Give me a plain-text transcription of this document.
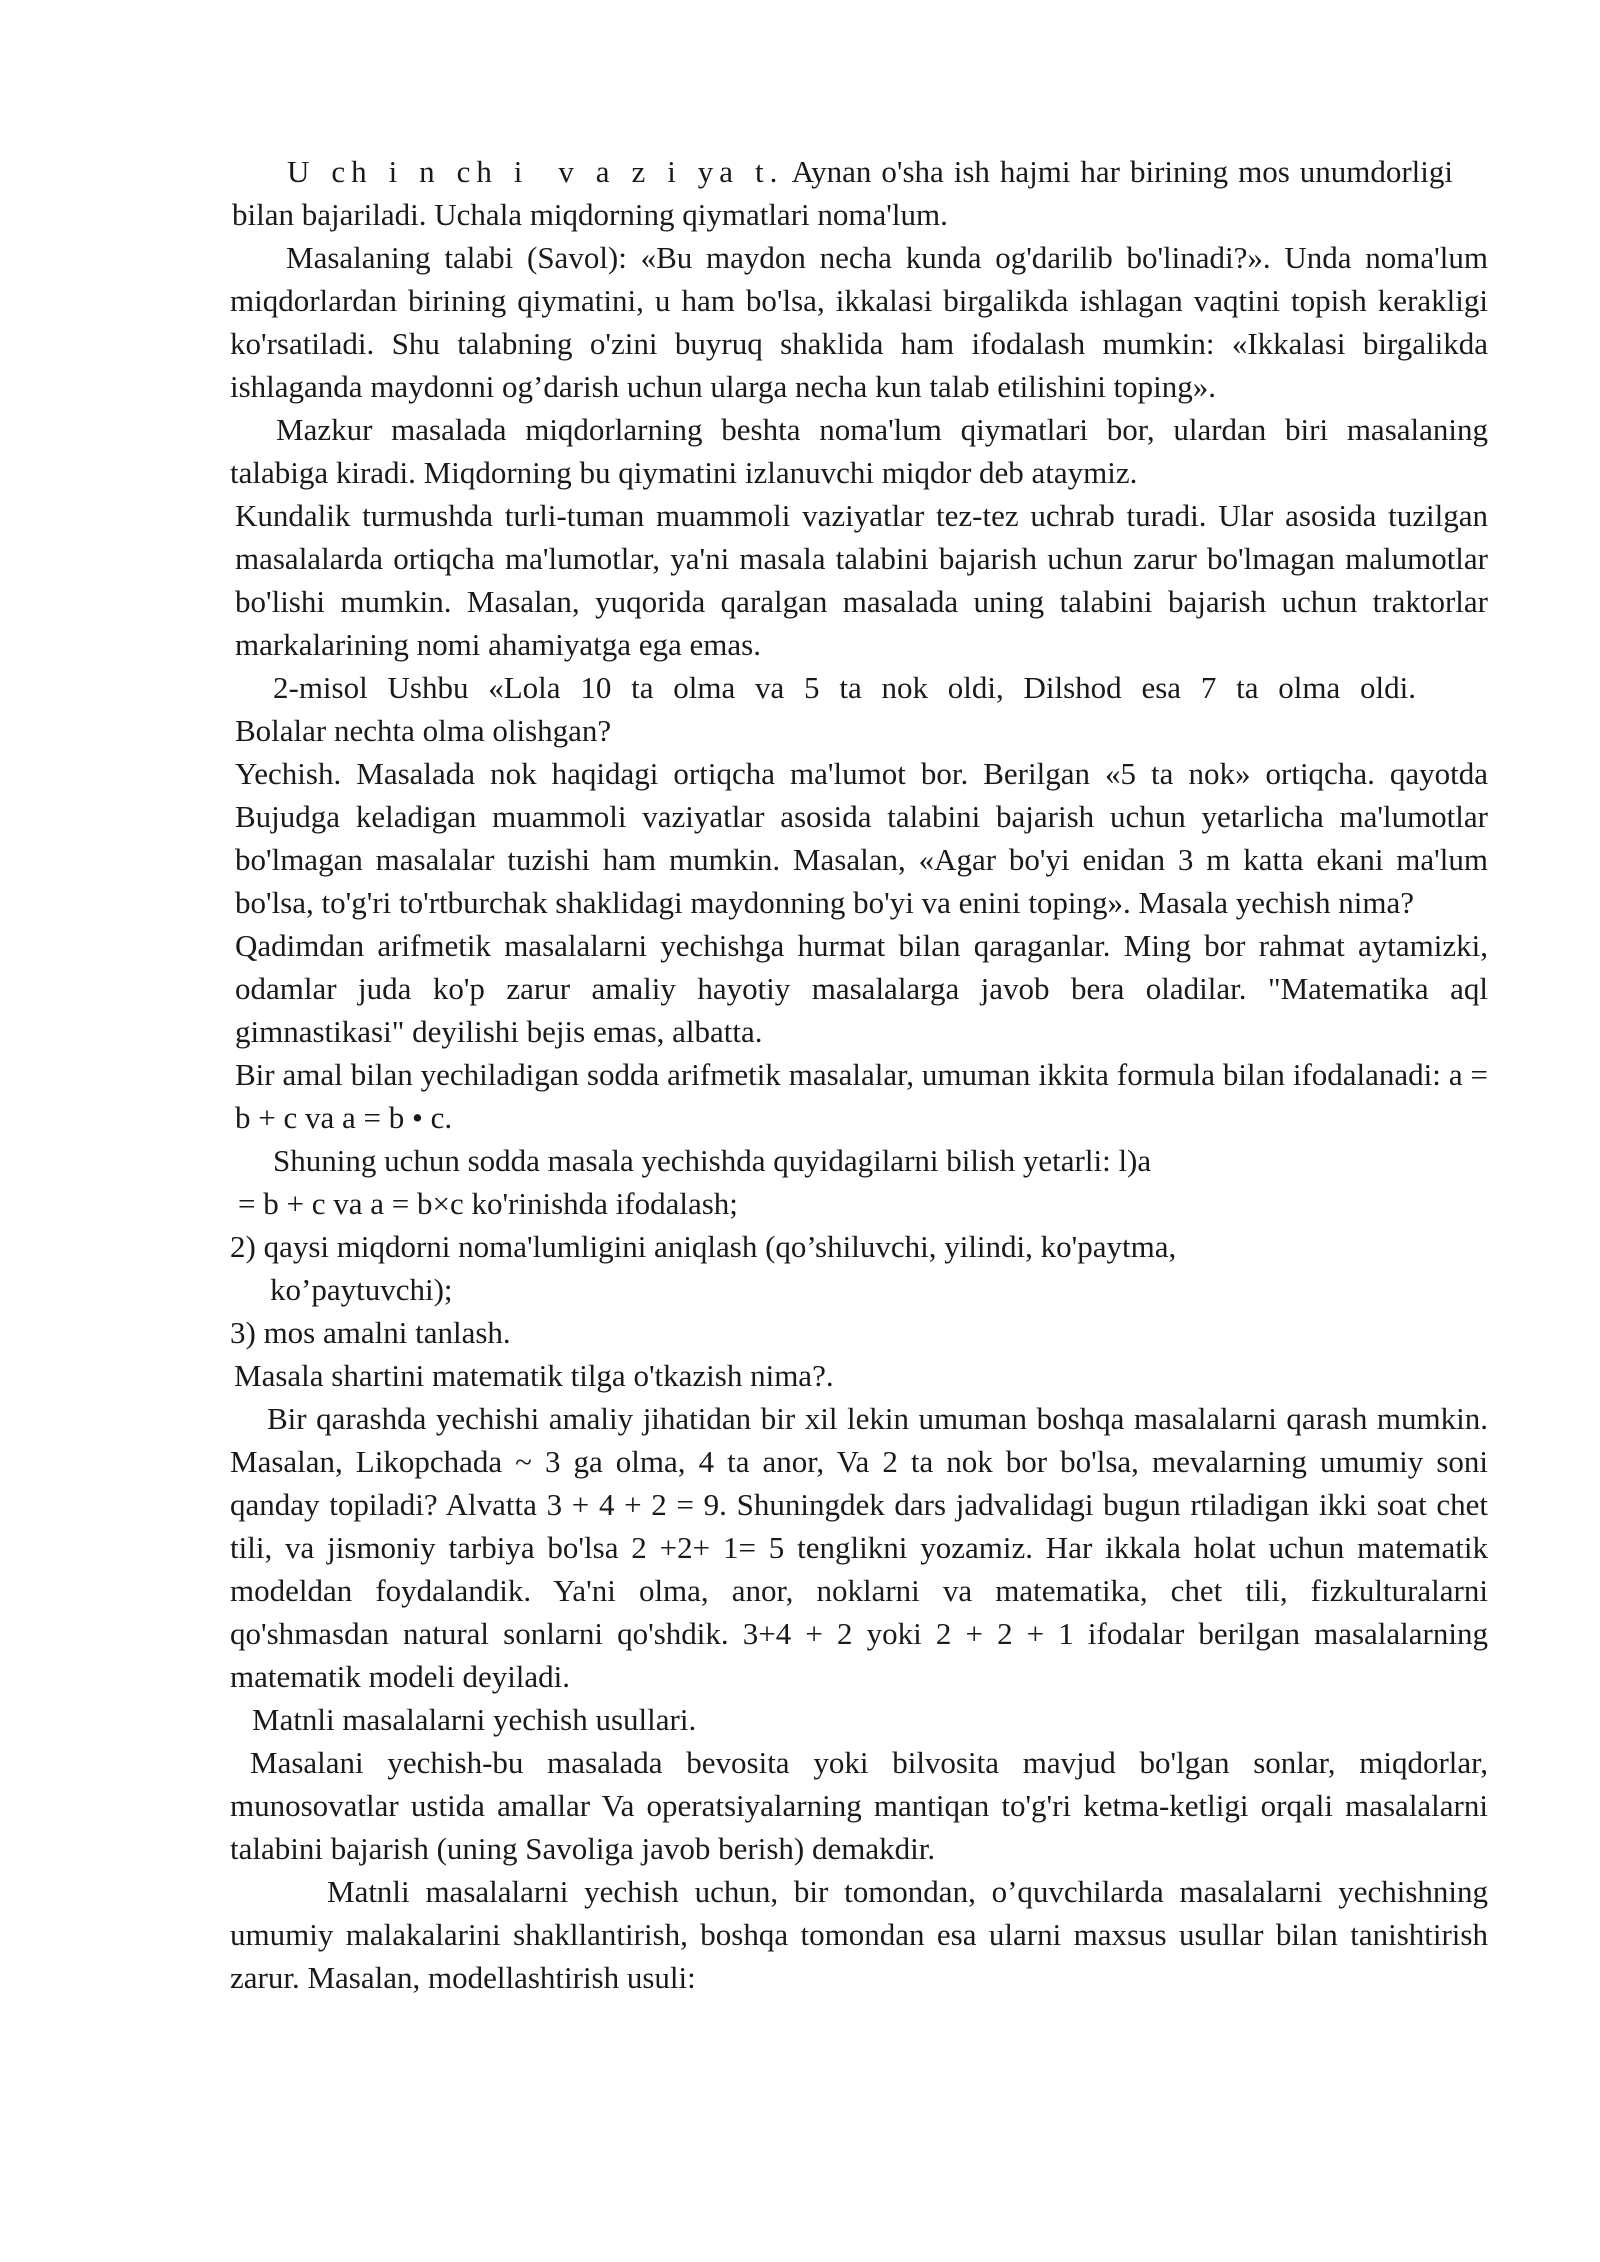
U ch i n ch i v a z i ya t. Aynan o'sha ish hajmi har birining mos unumdorligi

bilan bajariladi. Uchala miqdorning qiymatlari noma'lum.

Masalaning talabi (Savol): «Bu maydon necha kunda og'darilib bo'linadi?». Unda noma'lum miqdorlardan birining qiymatini, u ham bo'lsa, ikkalasi birgalikda ishlagan vaqtini topish kerakligi ko'rsatiladi. Shu talabning o'zini buyruq shaklida ham ifodalash mumkin: «Ikkalasi birgalikda ishlaganda maydonni og’darish uchun ularga necha kun talab etilishini toping».

Mazkur masalada miqdorlarning beshta noma'lum qiymatlari bor, ulardan biri masalaning talabiga kiradi. Miqdorning bu qiymatini izlanuvchi miqdor deb ataymiz.

Kundalik turmushda turli-tuman muammoli vaziyatlar tez-tez uchrab turadi. Ular asosida tuzilgan masalalarda ortiqcha ma'lumotlar, ya'ni masala talabini bajarish uchun zarur bo'lmagan malumotlar bo'lishi mumkin. Masalan, yuqorida qaralgan masalada uning talabini bajarish uchun traktorlar markalarining nomi ahamiyatga ega emas.

2-misol Ushbu «Lola 10 ta olma va 5 ta nok oldi, Dilshod esa 7 ta olma oldi.

Bolalar nechta olma olishgan?

Yechish. Masalada nok haqidagi ortiqcha ma'lumot bor. Berilgan «5 ta nok» ortiqcha. qayotda Bujudga keladigan muammoli vaziyatlar asosida talabini bajarish uchun yetarlicha ma'lumotlar bo'lmagan masalalar tuzishi ham mumkin. Masalan, «Agar bo'yi enidan 3 m katta ekani ma'lum bo'lsa, to'g'ri to'rtburchak shaklidagi maydonning bo'yi va enini toping». Masala yechish nima?

Qadimdan arifmetik masalalarni yechishga hurmat bilan qaraganlar. Ming bor rahmat aytamizki, odamlar juda ko'p zarur amaliy hayotiy masalalarga javob bera oladilar. "Matematika aql gimnastikasi" deyilishi bejis emas, albatta.

Bir amal bilan yechiladigan sodda arifmetik masalalar, umuman ikkita formula bilan ifodalanadi: a = b + c va a = b • c.

Shuning uchun sodda masala yechishda quyidagilarni bilish yetarli: l)a

= b + c va a = b×c ko'rinishda ifodalash;

2) qaysi miqdorni noma'lumligini aniqlash (qo’shiluvchi, yilindi, ko'paytma, ko’paytuvchi);

3) mos amalni tanlash.

Masala shartini matematik tilga o'tkazish nima?.

Bir qarashda yechishi amaliy jihatidan bir xil lekin umuman boshqa masalalarni qarash mumkin. Masalan, Likopchada ~ 3 ga olma, 4 ta anor, Va 2 ta nok bor bo'lsa, mevalarning umumiy soni qanday topiladi? Alvatta 3 + 4 + 2 = 9. Shuningdek dars jadvalidagi bugun rtiladigan ikki soat chet tili, va jismoniy tarbiya bo'lsa 2 +2+ 1= 5 tenglikni yozamiz. Har ikkala holat uchun matematik modeldan foydalandik. Ya'ni olma, anor, noklarni va matematika, chet tili, fizkulturalarni qo'shmasdan natural sonlarni qo'shdik. 3+4 + 2 yoki 2 + 2 + 1 ifodalar berilgan masalalarning matematik modeli deyiladi.

Matnli masalalarni yechish usullari.

Masalani yechish-bu masalada bevosita yoki bilvosita mavjud bo'lgan sonlar, miqdorlar, munosovatlar ustida amallar Va operatsiyalarning mantiqan to'g'ri ketma-ketligi orqali masalalarni talabini bajarish (uning Savoliga javob berish) demakdir.

Matnli masalalarni yechish uchun, bir tomondan, o’quvchilarda masalalarni yechishning umumiy malakalarini shakllantirish, boshqa tomondan esa ularni maxsus usullar bilan tanishtirish zarur. Masalan, modellashtirish usuli:
